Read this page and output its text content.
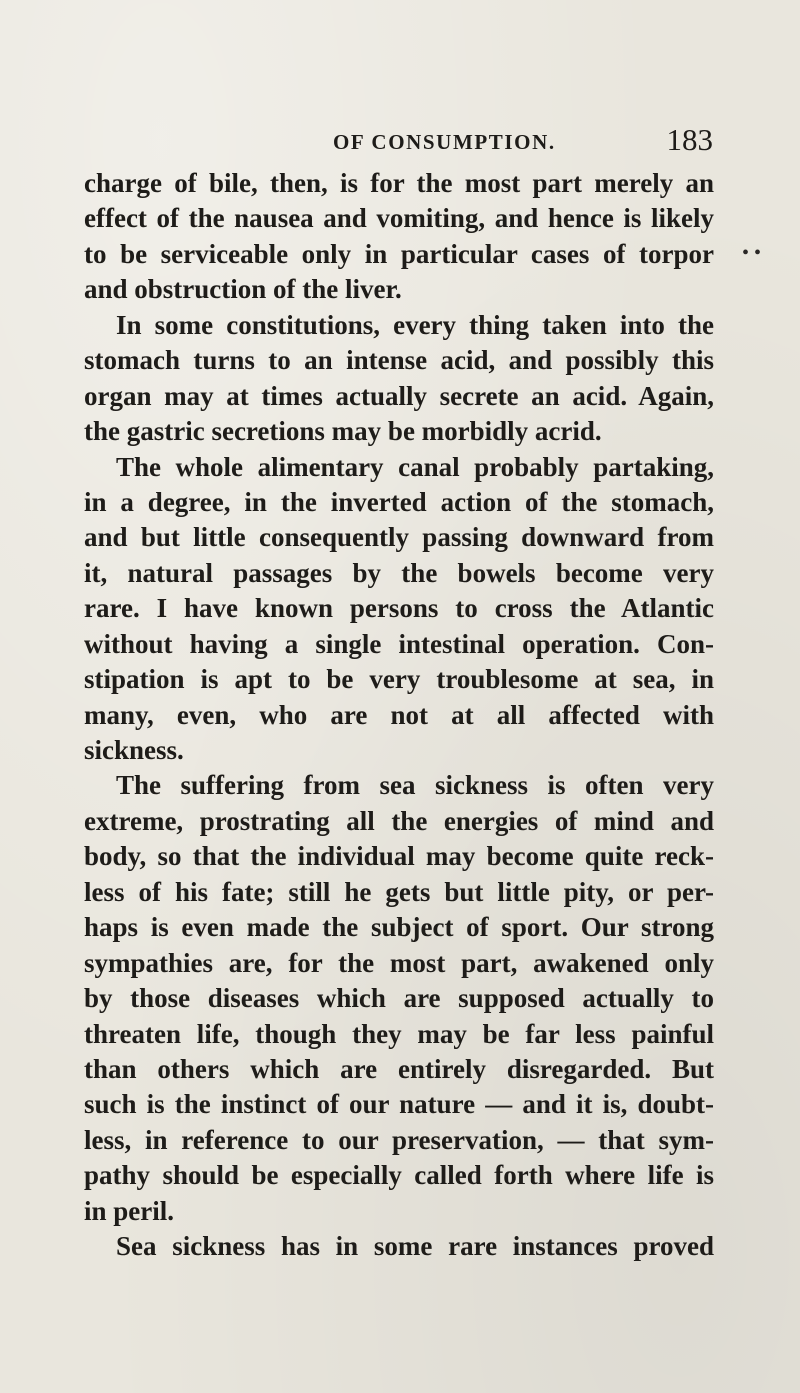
OF CONSUMPTION.	183
• •
charge of bile, then, is for the most part merely an
effect of the nausea and vomiting, and hence is likely
to be serviceable only in particular cases of torpor
and obstruction of the liver.
In some constitutions, every thing taken into the
stomach turns to an intense acid, and possibly this
organ may at times actually secrete an acid. Again,
the gastric secretions may be morbidly acrid.
The whole alimentary canal probably partaking,
in a degree, in the inverted action of the stomach,
and but little consequently passing downward from
it, natural passages by the bowels become very
rare. I have known persons to cross the Atlantic
without having a single intestinal operation. Con-
stipation is apt to be very troublesome at sea, in
many, even, who are not at all affected with
sickness.
The suffering from sea sickness is often very
extreme, prostrating all the energies of mind and
body, so that the individual may become quite reck-
less of his fate; still he gets but little pity, or per-
haps is even made the subject of sport. Our strong
sympathies are, for the most part, awakened only
by those diseases which are supposed actually to
threaten life, though they may be far less painful
than others which are entirely disregarded. But
such is the instinct of our nature — and it is, doubt-
less, in reference to our preservation, — that sym-
pathy should be especially called forth where life is
in peril.
Sea sickness has in some rare instances proved
